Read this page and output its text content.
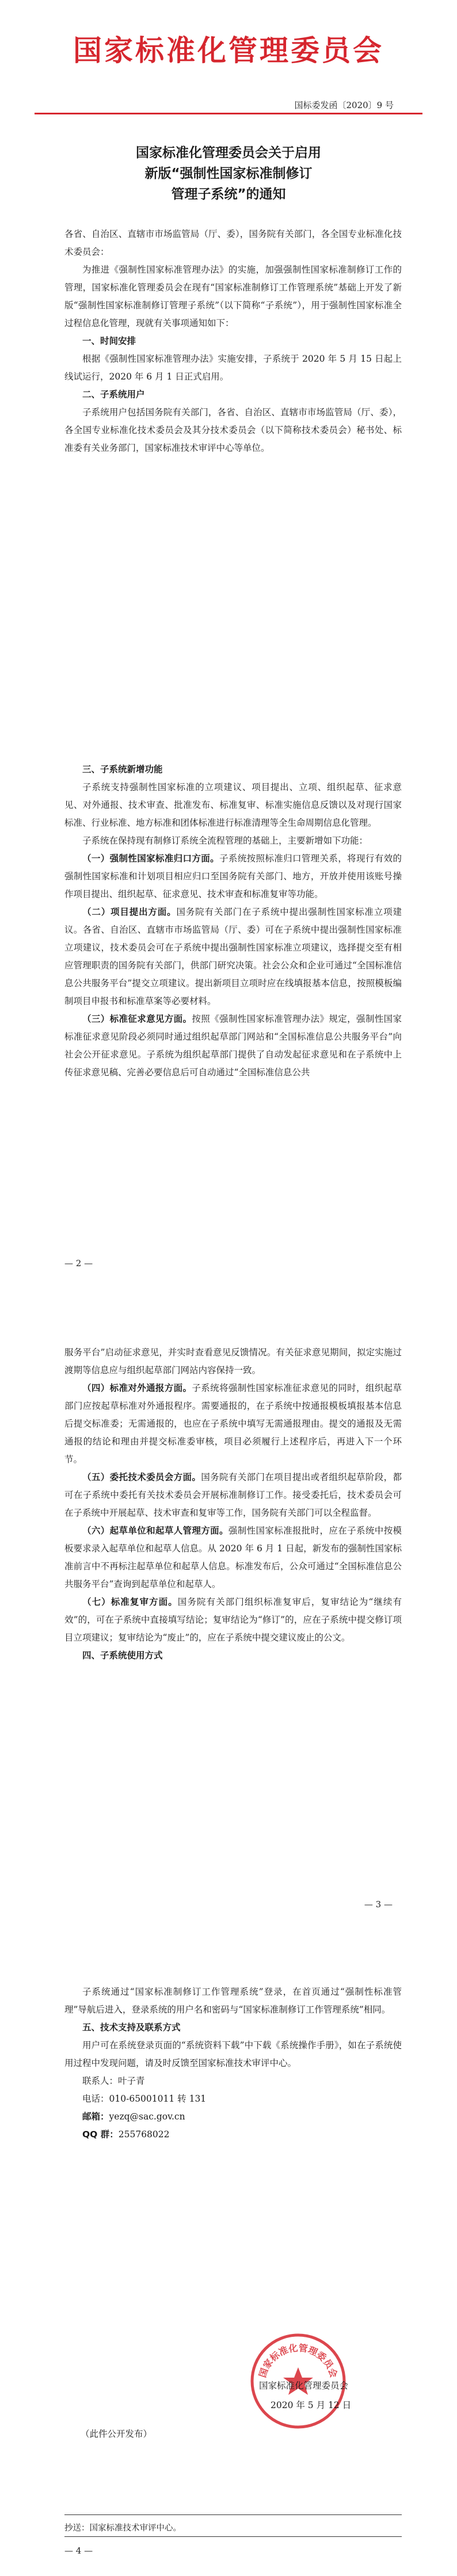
国家标准化管理委员会
国标委发函〔2020〕9 号
国家标准化管理委员会关于启用
新版“强制性国家标准制修订
管理子系统”的通知

各省、自治区、直辖市市场监管局（厅、委），国务院有关部门，各全国专业标准化技术委员会：

为推进《强制性国家标准管理办法》的实施，加强强制性国家标准制修订工作的管理，国家标准化管理委员会在现有“国家标准制修订工作管理系统”基础上开发了新版“强制性国家标准制修订管理子系统”（以下简称“子系统”），用于强制性国家标准全过程信息化管理，现就有关事项通知如下：

一、时间安排

根据《强制性国家标准管理办法》实施安排，子系统于 2020 年 5 月 15 日起上线试运行，2020 年 6 月 1 日正式启用。

二、子系统用户

子系统用户包括国务院有关部门，各省、自治区、直辖市市场监管局（厅、委），各全国专业标准化技术委员会及其分技术委员会（以下简称技术委员会）秘书处、标准委有关业务部门，国家标准技术审评中心等单位。

三、子系统新增功能

子系统支持强制性国家标准的立项建议、项目提出、立项、组织起草、征求意见、对外通报、技术审查、批准发布、标准复审、标准实施信息反馈以及对现行国家标准、行业标准、地方标准和团体标准进行标准清理等全生命周期信息化管理。

子系统在保持现有制修订系统全流程管理的基础上，主要新增如下功能：

（一）强制性国家标准归口方面。子系统按照标准归口管理关系，将现行有效的强制性国家标准和计划项目相应归口至国务院有关部门、地方，开放并使用该账号操作项目提出、组织起草、征求意见、技术审查和标准复审等功能。

（二）项目提出方面。国务院有关部门在子系统中提出强制性国家标准立项建议。各省、自治区、直辖市市场监管局（厅、委）可在子系统中提出强制性国家标准立项建议，技术委员会可在子系统中提出强制性国家标准立项建议，选择提交至有相应管理职责的国务院有关部门，供部门研究决策。社会公众和企业可通过“全国标准信息公共服务平台”提交立项建议。提出新项目立项时应在线填报基本信息，按照模板编制项目申报书和标准草案等必要材料。

（三）标准征求意见方面。按照《强制性国家标准管理办法》规定，强制性国家标准征求意见阶段必须同时通过组织起草部门网站和“全国标准信息公共服务平台”向社会公开征求意见。子系统为组织起草部门提供了自动发起征求意见和在子系统中上传征求意见稿、完善必要信息后可自动通过“全国标准信息公共

— 2 —

服务平台”启动征求意见，并实时查看意见反馈情况。有关征求意见期间，拟定实施过渡期等信息应与组织起草部门网站内容保持一致。

（四）标准对外通报方面。子系统将强制性国家标准征求意见的同时，组织起草部门应按起草标准对外通报程序。需要通报的，在子系统中按通报模板填报基本信息后提交标准委；无需通报的，也应在子系统中填写无需通报理由。提交的通报及无需通报的结论和理由并提交标准委审核，项目必须履行上述程序后，再进入下一个环节。

（五）委托技术委员会方面。国务院有关部门在项目提出或者组织起草阶段，都可在子系统中委托有关技术委员会开展标准制修订工作。接受委托后，技术委员会可在子系统中开展起草、技术审查和复审等工作，国务院有关部门可以全程监督。

（六）起草单位和起草人管理方面。强制性国家标准报批时，应在子系统中按模板要求录入起草单位和起草人信息。从 2020 年 6 月 1 日起，新发布的强制性国家标准前言中不再标注起草单位和起草人信息。标准发布后，公众可通过“全国标准信息公共服务平台”查询到起草单位和起草人。

（七）标准复审方面。国务院有关部门组织标准复审后，复审结论为“继续有效”的，可在子系统中直接填写结论；复审结论为“修订”的，应在子系统中提交修订项目立项建议；复审结论为“废止”的，应在子系统中提交建议废止的公文。

四、子系统使用方式

— 3 —

子系统通过“国家标准制修订工作管理系统”登录，在首页通过“强制性标准管理”导航后进入，登录系统的用户名和密码与“国家标准制修订工作管理系统”相同。

五、技术支持及联系方式

用户可在系统登录页面的“系统资料下载”中下载《系统操作手册》，如在子系统使用过程中发现问题，请及时反馈至国家标准技术审评中心。

联系人：叶子青

电话：010-65001011 转 131

邮箱：yezq@sac.gov.cn

QQ 群：255768022

国家标准化管理委员会
国家标准化管理委员会
2020 年 5 月 12 日
（此件公开发布）
抄送：国家标准技术审评中心。
— 4 —
